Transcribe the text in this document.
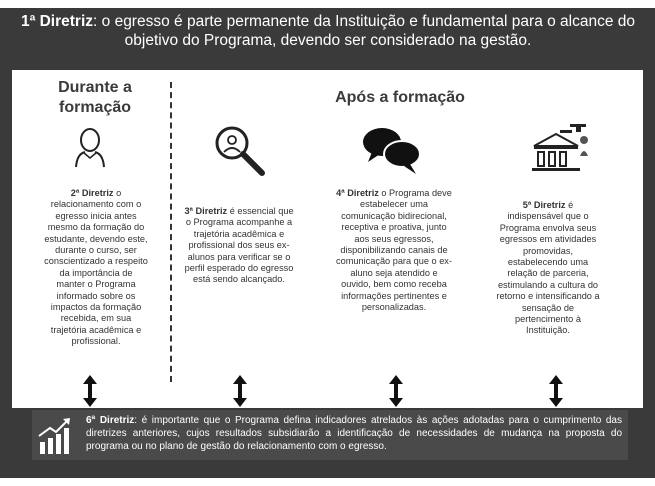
1ª Diretriz: o egresso é parte permanente da Instituição e fundamental para o alcance do objetivo do Programa, devendo ser considerado na gestão.
Durante a formação
Após a formação
2ª Diretriz o relacionamento com o egresso inicia antes mesmo da formação do estudante, devendo este, durante o curso, ser conscientizado a respeito da importância de manter o Programa informado sobre os impactos da formação recebida, em sua trajetória acadêmica e profissional.
3ª Diretriz é essencial que o Programa acompanhe a trajetória acadêmica e profissional dos seus ex-alunos para verificar se o perfil esperado do egresso está sendo alcançado.
4ª Diretriz o Programa deve estabelecer uma comunicação bidirecional, receptiva e proativa, junto aos seus egressos, disponibilizando canais de comunicação para que o ex-aluno seja atendido e ouvido, bem como receba informações pertinentes e personalizadas.
5ª Diretriz é indispensável que o Programa envolva seus egressos em atividades promovidas, estabelecendo uma relação de parceria, estimulando a cultura do retorno e intensificando a sensação de pertencimento à Instituição.
6ª Diretriz: é importante que o Programa defina indicadores atrelados às ações adotadas para o cumprimento das diretrizes anteriores, cujos resultados subsidiarão a identificação de necessidades de mudança na proposta do programa ou no plano de gestão do relacionamento com o egresso.
